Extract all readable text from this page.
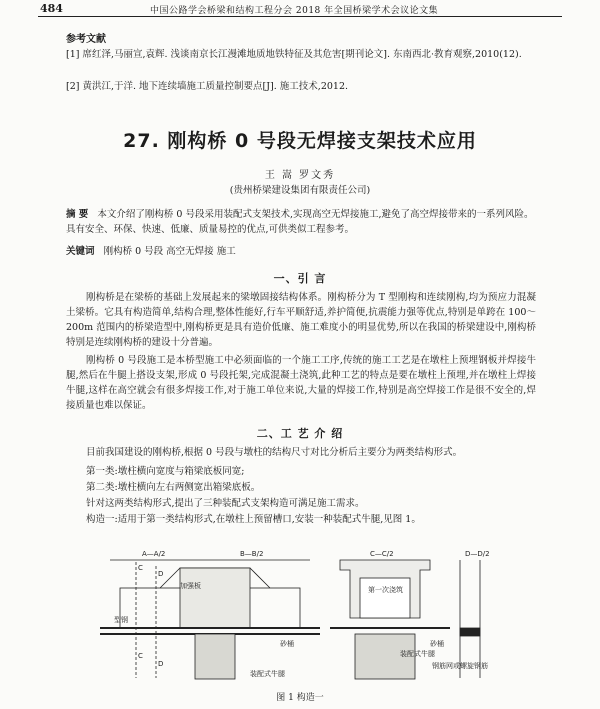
484	中国公路学会桥梁和结构工程分会 2018 年全国桥梁学术会议论文集
参考文献
[1] 席红泽,马丽宣,袁辉. 浅谈南京长江漫滩地质地铁特征及其危害[期刊论文]. 东南西北·教育观察,2010(12).
[2] 黄洪江,于洋. 地下连续墙施工质量控制要点[J]. 施工技术,2012.
27. 刚构桥 0 号段无焊接支架技术应用
王 嵩 罗文秀
(贵州桥梁建设集团有限责任公司)
摘 要 本文介绍了刚构桥 0 号段采用装配式支架技术,实现高空无焊接施工,避免了高空焊接带来的一系列风险。具有安全、环保、快速、低廉、质量易控的优点,可供类似工程参考。
关键词 刚构桥 0 号段 高空无焊接 施工
一、引 言
刚构桥是在梁桥的基础上发展起来的梁墩固接结构体系。刚构桥分为 T 型刚构和连续刚构,均为预应力混凝土梁桥。它具有构造简单,结构合理,整体性能好,行车平顺舒适,养护简便,抗震能力强等优点,特别是单跨在 100～200m 范围内的桥梁造型中,刚构桥更是具有造价低廉、施工难度小的明显优势,所以在我国的桥梁建设中,刚构桥特别是连续刚构桥的建设十分普遍。
刚构桥 0 号段施工是本桥型施工中必须面临的一个施工工序,传统的施工工艺是在墩柱上预埋钢板并焊接牛腿,然后在牛腿上搭设支架,形成 0 号段托架,完成混凝土浇筑,此种工艺的特点是要在墩柱上预埋,并在墩柱上焊接牛腿,这样在高空就会有很多焊接工作,对于施工单位来说,大量的焊接工作,特别是高空焊接工作是很不安全的,焊接质量也难以保证。
二、工 艺 介 绍
目前我国建设的刚构桥,根据 0 号段与墩柱的结构尺寸对比分析后主要分为两类结构形式。
第一类:墩柱横向宽度与箱梁底板同宽;
第二类:墩柱横向左右两侧宽出箱梁底板。
针对这两类结构形式,提出了三种装配式支架构造可满足施工需求。
构造一:适用于第一类结构形式,在墩柱上预留槽口,安装一种装配式牛腿,见图 1。
A—A/2	B—B/2	C—C/2	D—D/2
C
D
C
D
型钢
加强板
砂桶
装配式牛腿
第一次浇筑
砂桶
装配式牛腿
钢筋网或螺旋钢筋
图 1 构造一
